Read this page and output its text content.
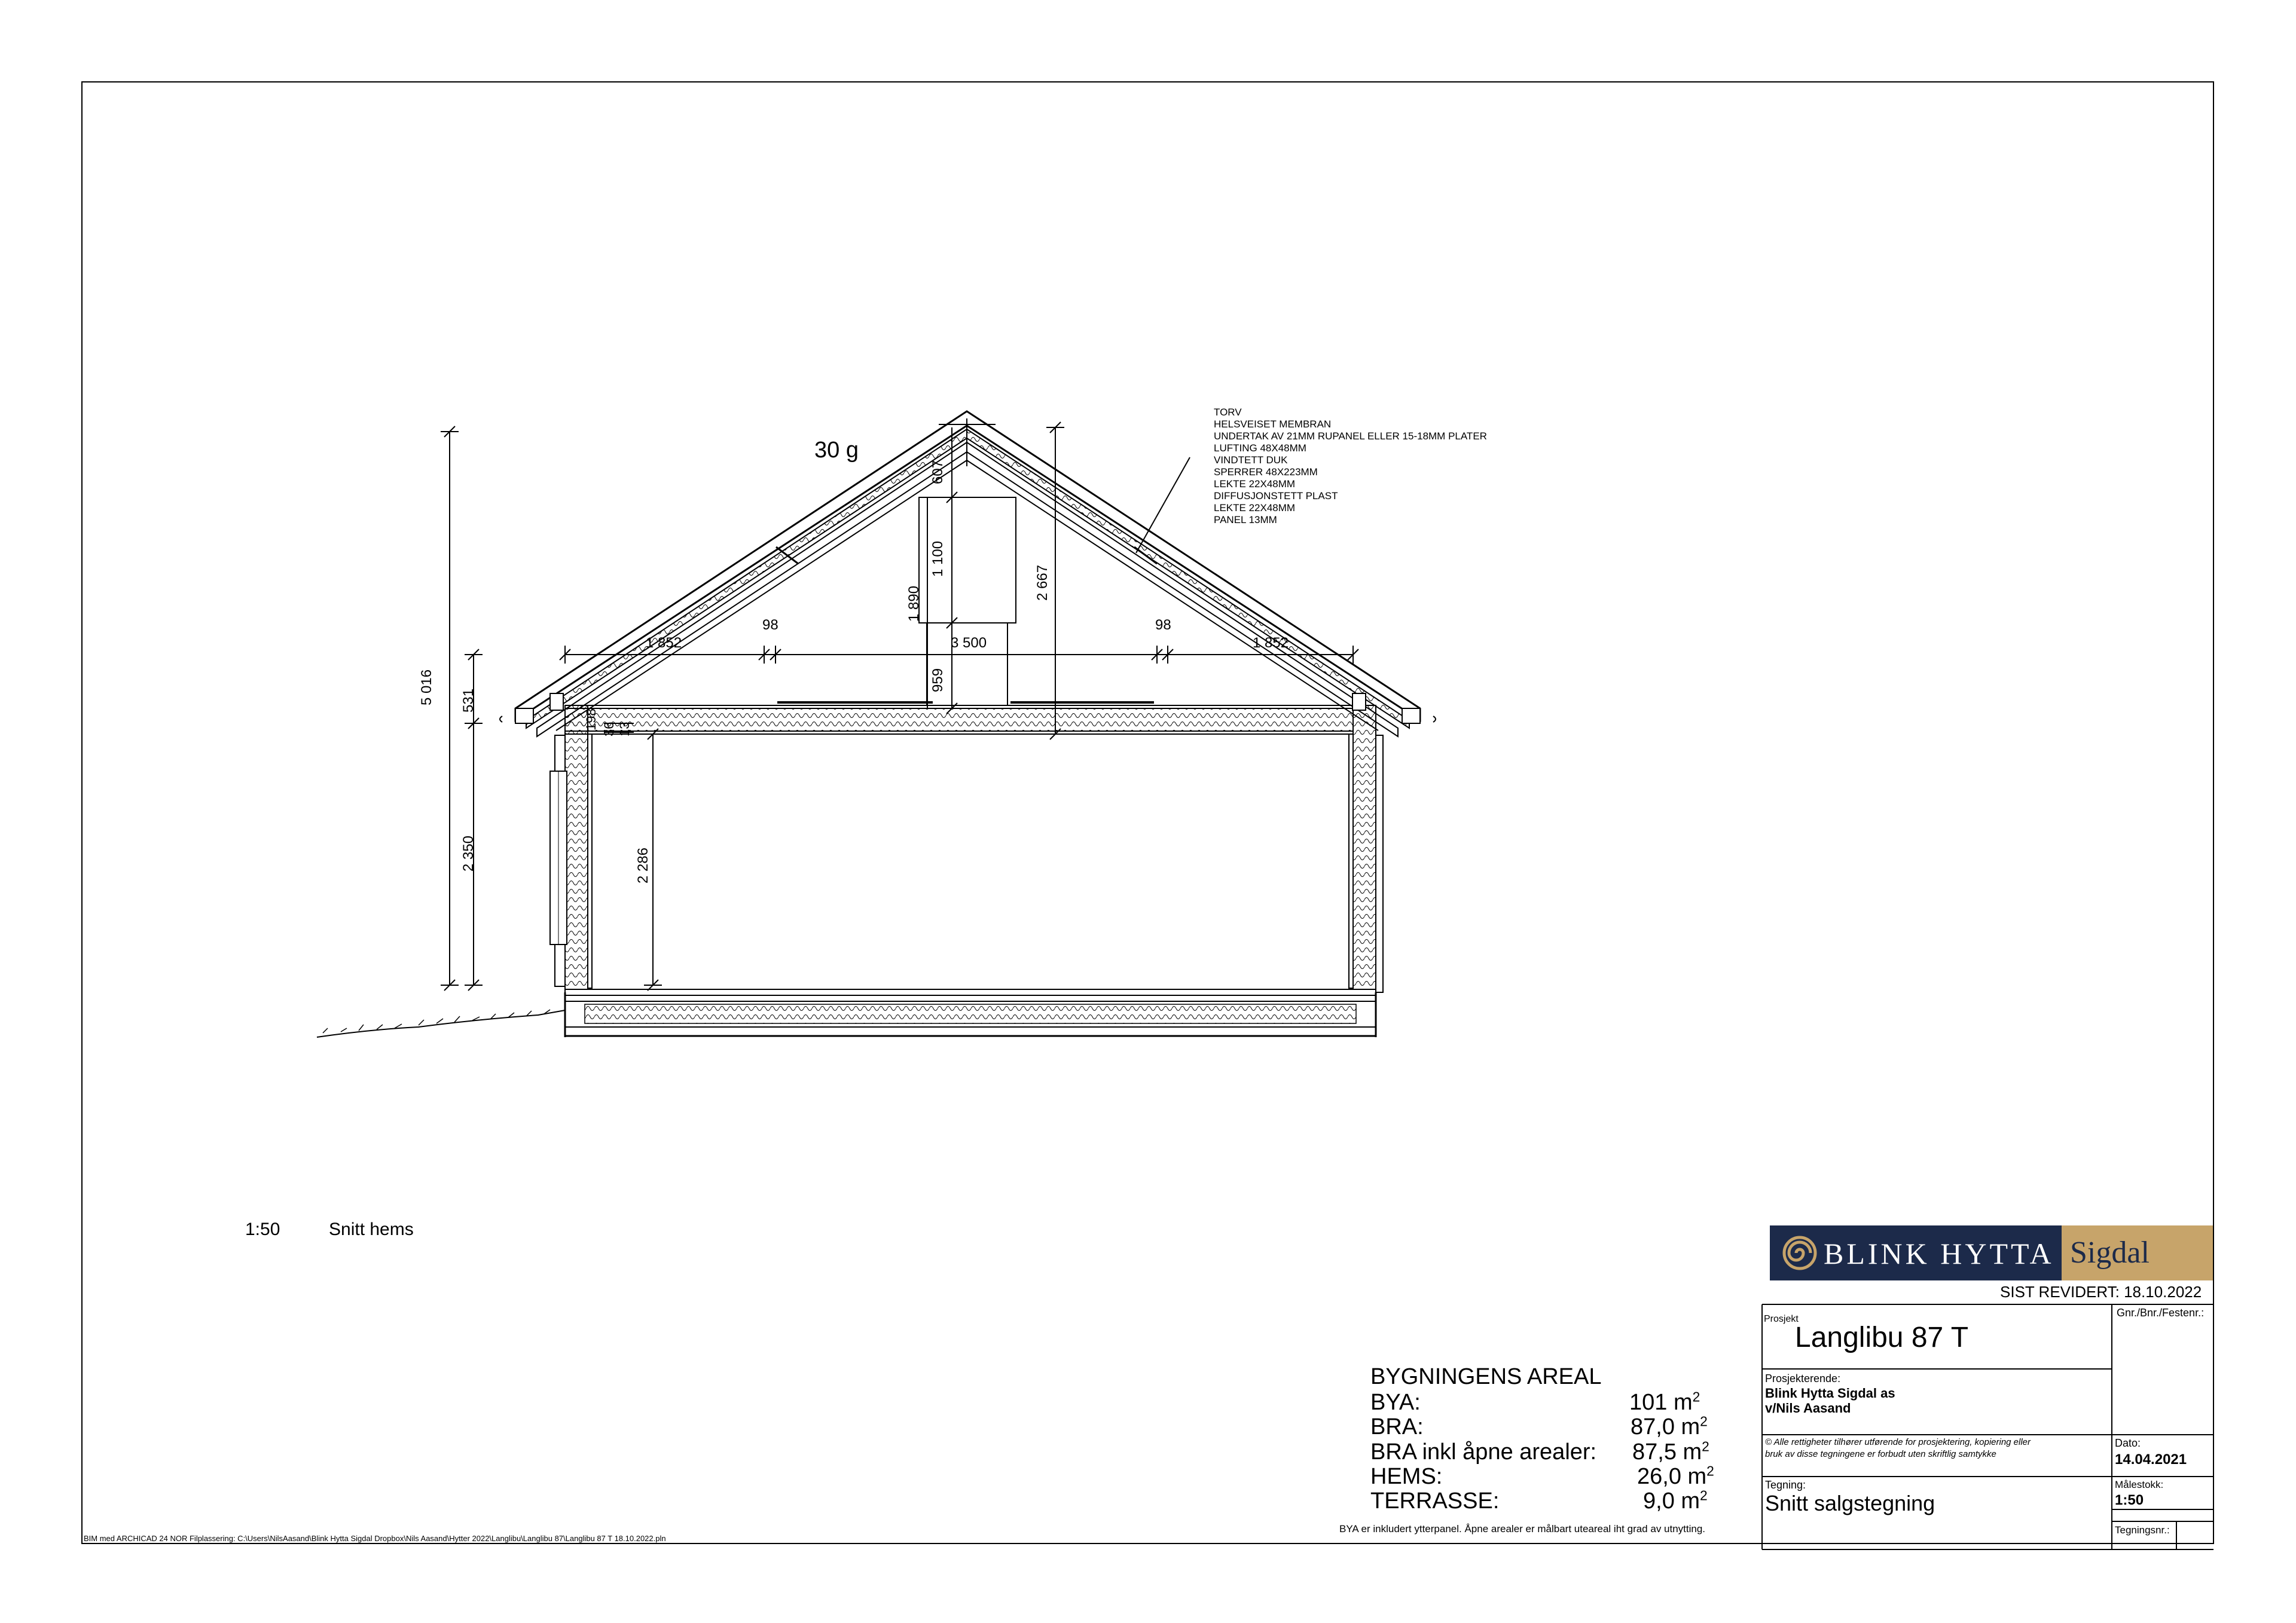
30 g
TORV
HELSVEISET MEMBRAN
UNDERTAK AV 21MM RUPANEL ELLER 15-18MM PLATER
LUFTING 48X48MM
VINDTETT DUK
SPERRER 48X223MM
LEKTE 22X48MM
DIFFUSJONSTETT PLAST
LEKTE 22X48MM
PANEL 13MM
1 852
98
3 500
98
1 852
5 016 531
2 350
607
1 100
1 890
2 667
959
2 286
198 36 13
1:50	Snitt hems
BYGNINGENS AREAL
BYA:	101 $m^2$
BRA:	87,0 $m^2$
BRA inkl åpne arealer: 87,5 $m^2$
HEMS:	26,0 $m^2$
TERRASSE:	9,0 $m^2$
BYA er inkludert ytterpanel. Åpne arealer er målbart uteareal iht grad av utnytting.
BIM med ARCHICAD 24 NOR Filplassering: C:\Users\NilsAasand\Blink Hytta Sigdal Dropbox\Nils Aasand\Hytter 2022\Langlibu\Langlibu 87\Langlibu 87 T 18.10.2022.pln
BLINK HYTTA Sigdal
SIST REVIDERT: 18.10.2022
Prosjekt
Langlibu 87 T
Gnr./Bnr./Festenr.:
Prosjekterende:
Blink Hytta Sigdal as
v/Nils Aasand
© Alle rettigheter tilhører utførende for prosjektering, kopiering eller
bruk av disse tegningene er forbudt uten skriftlig samtykke
Dato:
14.04.2021
Tegning:
Snitt salgstegning
Målestokk:
1:50
Tegningsnr.:
